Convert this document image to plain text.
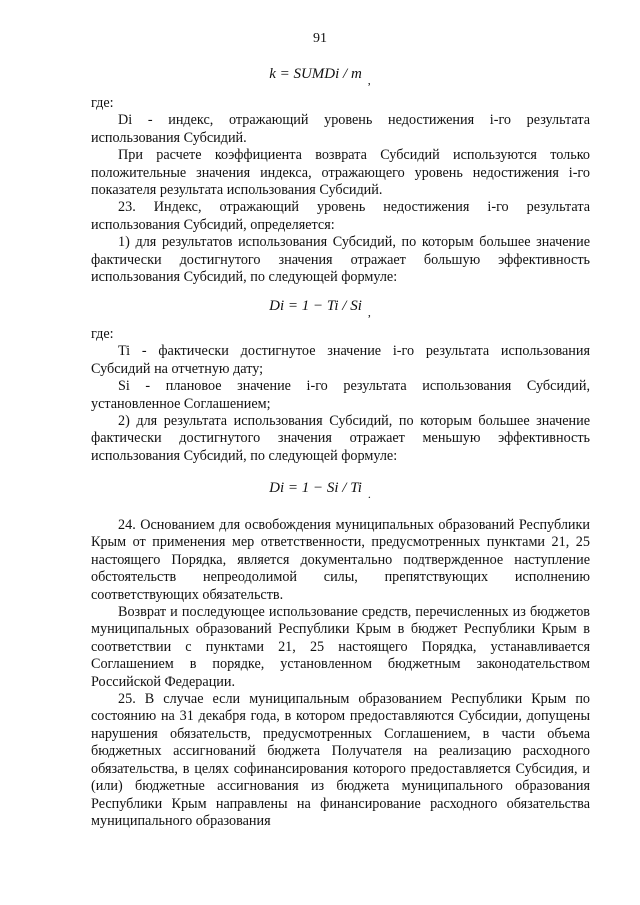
91
k = SUMDi / m $_,$

где:

Di - индекс, отражающий уровень недостижения i-го результата использования Субсидий.

При расчете коэффициента возврата Субсидий используются только положительные значения индекса, отражающего уровень недостижения i-го показателя результата использования Субсидий.

23. Индекс, отражающий уровень недостижения i-го результата использования Субсидий, определяется:

1) для результатов использования Субсидий, по которым большее значение фактически достигнутого значения отражает большую эффективность использования Субсидий, по следующей формуле:

Di = 1 − Ti / Si $_,$

где:

Ti - фактически достигнутое значение i-го результата использования Субсидий на отчетную дату;

Si - плановое значение i-го результата использования Субсидий, установленное Соглашением;

2) для результата использования Субсидий, по которым большее значение фактически достигнутого значения отражает меньшую эффективность использования Субсидий, по следующей формуле:

Di = 1 − Si / Ti $_.$

24. Основанием для освобождения муниципальных образований Республики Крым от применения мер ответственности, предусмотренных пунктами 21, 25 настоящего Порядка, является документально подтвержденное наступление обстоятельств непреодолимой силы, препятствующих исполнению соответствующих обязательств.

Возврат и последующее использование средств, перечисленных из бюджетов муниципальных образований Республики Крым в бюджет Республики Крым в соответствии с пунктами 21, 25 настоящего Порядка, устанавливается Соглашением в порядке, установленном бюджетным законодательством Российской Федерации.

25. В случае если муниципальным образованием Республики Крым по состоянию на 31 декабря года, в котором предоставляются Субсидии, допущены нарушения обязательств, предусмотренных Соглашением, в части объема бюджетных ассигнований бюджета Получателя на реализацию расходного обязательства, в целях софинансирования которого предоставляется Субсидия, и (или) бюджетные ассигнования из бюджета муниципального образования Республики Крым направлены на финансирование расходного обязательства муниципального образования
